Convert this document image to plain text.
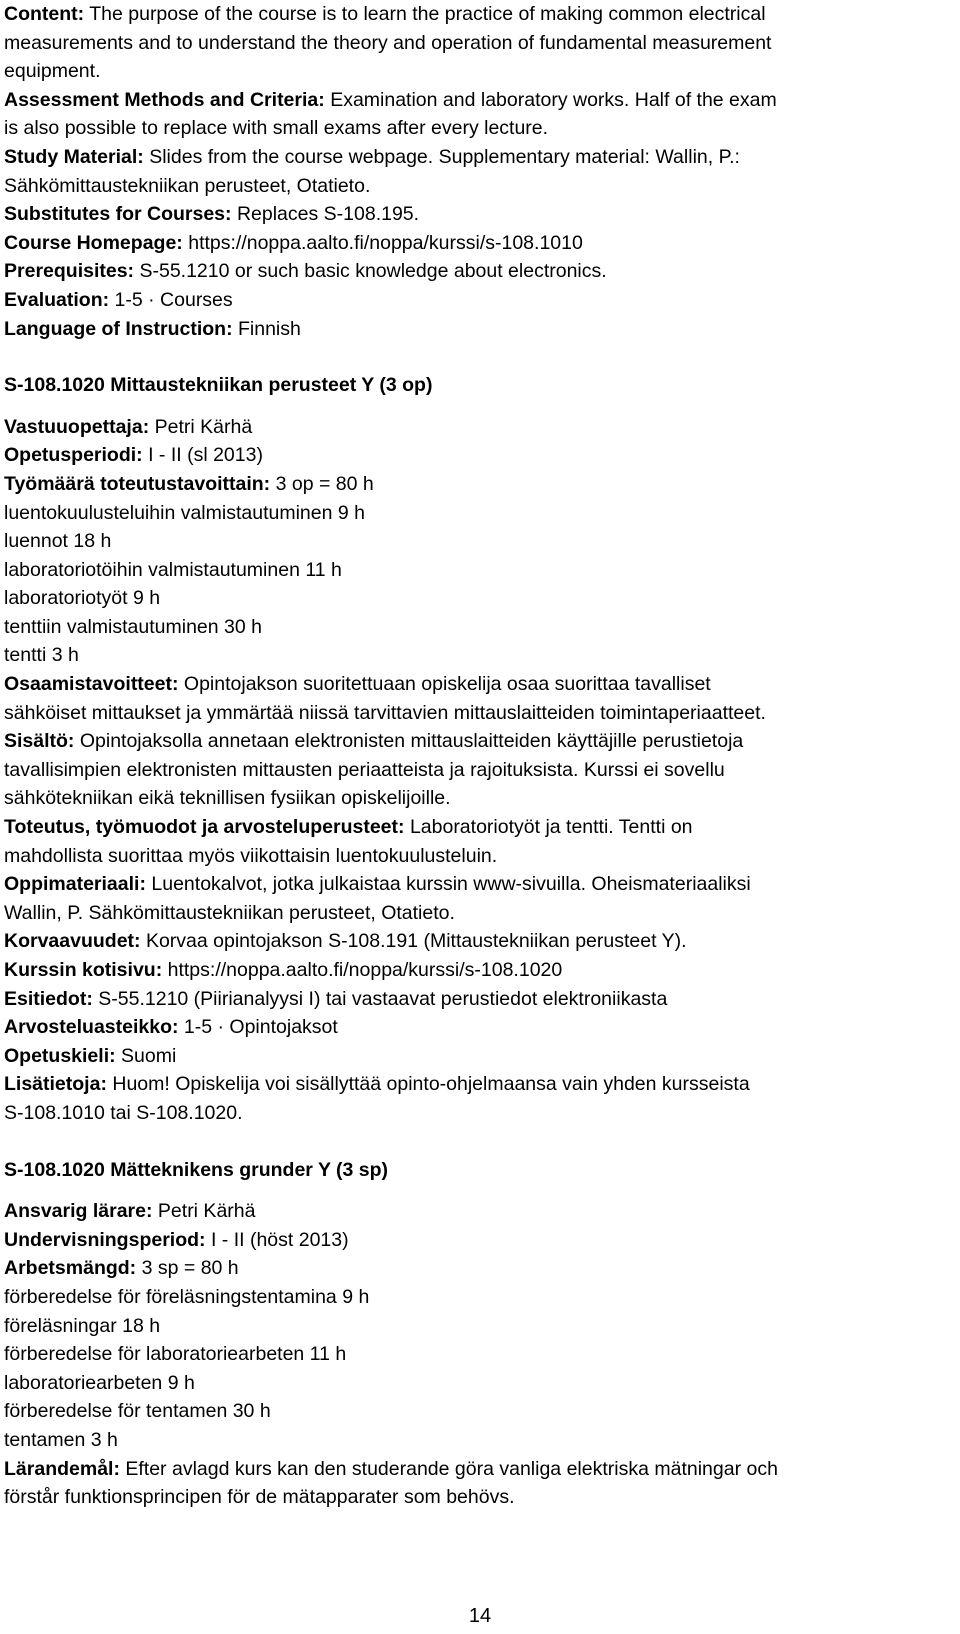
Content: The purpose of the course is to learn the practice of making common electrical
measurements and to understand the theory and operation of fundamental measurement
equipment.
Assessment Methods and Criteria: Examination and laboratory works. Half of the exam
is also possible to replace with small exams after every lecture.
Study Material: Slides from the course webpage. Supplementary material: Wallin, P.:
Sähkömittaustekniikan perusteet, Otatieto.
Substitutes for Courses: Replaces S-108.195.
Course Homepage: https://noppa.aalto.fi/noppa/kurssi/s-108.1010
Prerequisites: S-55.1210 or such basic knowledge about electronics.
Evaluation: 1-5 · Courses
Language of Instruction: Finnish
S-108.1020 Mittaustekniikan perusteet Y (3 op)
Vastuuopettaja: Petri Kärhä
Opetusperiodi: I - II (sl 2013)
Työmäärä toteutustavoittain: 3 op = 80 h
luentokuulusteluihin valmistautuminen 9 h
luennot 18 h
laboratoriotöihin valmistautuminen 11 h
laboratoriotyöt 9 h
tenttiin valmistautuminen 30 h
tentti 3 h
Osaamistavoitteet: Opintojakson suoritettuaan opiskelija osaa suorittaa tavalliset
sähköiset mittaukset ja ymmärtää niissä tarvittavien mittauslaitteiden toimintaperiaatteet.
Sisältö: Opintojaksolla annetaan elektronisten mittauslaitteiden käyttäjille perustietoja
tavallisimpien elektronisten mittausten periaatteista ja rajoituksista. Kurssi ei sovellu
sähkötekniikan eikä teknillisen fysiikan opiskelijoille.
Toteutus, työmuodot ja arvosteluperusteet: Laboratoriotyöt ja tentti. Tentti on
mahdollista suorittaa myös viikottaisin luentokuulusteluin.
Oppimateriaali: Luentokalvot, jotka julkaistaa kurssin www-sivuilla. Oheismateriaaliksi
Wallin, P. Sähkömittaustekniikan perusteet, Otatieto.
Korvaavuudet: Korvaa opintojakson S-108.191 (Mittaustekniikan perusteet Y).
Kurssin kotisivu: https://noppa.aalto.fi/noppa/kurssi/s-108.1020
Esitiedot: S-55.1210 (Piirianalyysi I) tai vastaavat perustiedot elektroniikasta
Arvosteluasteikko: 1-5 · Opintojaksot
Opetuskieli: Suomi
Lisätietoja: Huom! Opiskelija voi sisällyttää opinto-ohjelmaansa vain yhden kursseista
S-108.1010 tai S-108.1020.
S-108.1020 Mätteknikens grunder Y (3 sp)
Ansvarig lärare: Petri Kärhä
Undervisningsperiod: I - II (höst 2013)
Arbetsmängd: 3 sp = 80 h
förberedelse för föreläsningstentamina 9 h
föreläsningar 18 h
förberedelse för laboratoriearbeten 11 h
laboratoriearbeten 9 h
förberedelse för tentamen 30 h
tentamen 3 h
Lärandemål: Efter avlagd kurs kan den studerande göra vanliga elektriska mätningar och
förstår funktionsprincipen för de mätapparater som behövs.
14
